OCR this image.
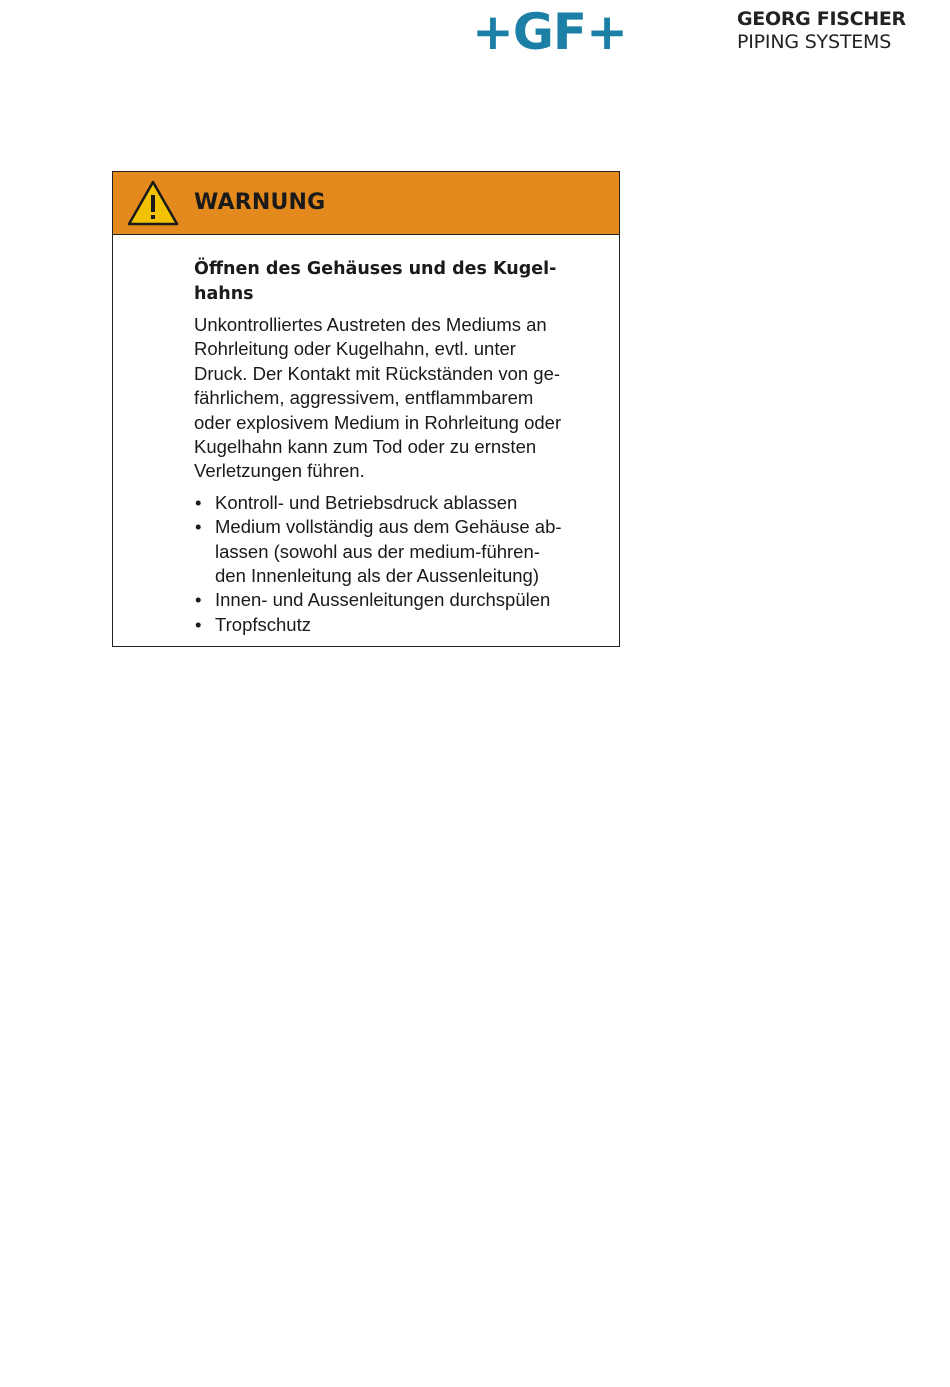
+GF+	GEORG FISCHER
PIPING SYSTEMS
WARNUNG
Öffnen des Gehäuses und des Kugel-
hahns
Unkontrolliertes Austreten des Mediums an
Rohrleitung oder Kugelhahn, evtl. unter
Druck. Der Kontakt mit Rückständen von ge-
fährlichem, aggressivem, entflammbarem
oder explosivem Medium in Rohrleitung oder
Kugelhahn kann zum Tod oder zu ernsten
Verletzungen führen.
• Kontroll- und Betriebsdruck ablassen
• Medium vollständig aus dem Gehäuse ab-
lassen (sowohl aus der medium-führen-
den Innenleitung als der Aussenleitung)
• Innen- und Aussenleitungen durchspülen
• Tropfschutz
